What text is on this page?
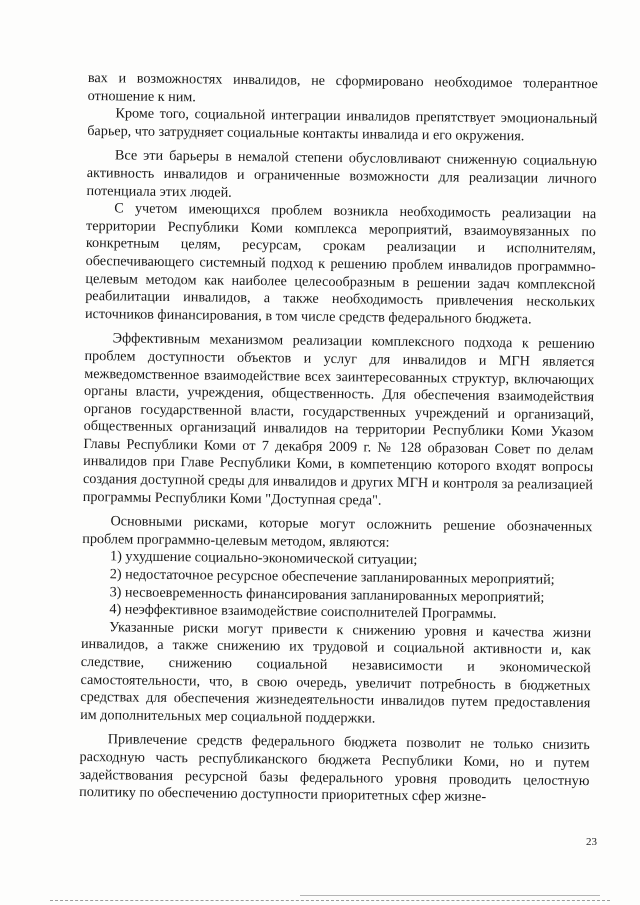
вах и возможностях инвалидов, не сформировано необходимое толерантное отношение к ним.

Кроме того, социальной интеграции инвалидов препятствует эмоциональный барьер, что затрудняет социальные контакты инвалида и его окружения.

Все эти барьеры в немалой степени обусловливают сниженную социальную активность инвалидов и ограниченные возможности для реализации личного потенциала этих людей.

С учетом имеющихся проблем возникла необходимость реализации на территории Республики Коми комплекса мероприятий, взаимоувязанных по конкретным целям, ресурсам, срокам реализации и исполнителям, обеспечивающего системный подход к решению проблем инвалидов программно-целевым методом как наиболее целесообразным в решении задач комплексной реабилитации инвалидов, а также необходимость привлечения нескольких источников финансирования, в том числе средств федерального бюджета.

Эффективным механизмом реализации комплексного подхода к решению проблем доступности объектов и услуг для инвалидов и МГН является межведомственное взаимодействие всех заинтересованных структур, включающих органы власти, учреждения, общественность. Для обеспечения взаимодействия органов государственной власти, государственных учреждений и организаций, общественных организаций инвалидов на территории Республики Коми Указом Главы Республики Коми от 7 декабря 2009 г. № 128 образован Совет по делам инвалидов при Главе Республики Коми, в компетенцию которого входят вопросы создания доступной среды для инвалидов и других МГН и контроля за реализацией программы Республики Коми "Доступная среда".

Основными рисками, которые могут осложнить решение обозначенных проблем программно-целевым методом, являются:

1) ухудшение социально-экономической ситуации;

2) недостаточное ресурсное обеспечение запланированных мероприятий;

3) несвоевременность финансирования запланированных мероприятий;

4) неэффективное взаимодействие соисполнителей Программы.

Указанные риски могут привести к снижению уровня и качества жизни инвалидов, а также снижению их трудовой и социальной активности и, как следствие, снижению социальной независимости и экономической самостоятельности, что, в свою очередь, увеличит потребность в бюджетных средствах для обеспечения жизнедеятельности инвалидов путем предоставления им дополнительных мер социальной поддержки.

Привлечение средств федерального бюджета позволит не только снизить расходную часть республиканского бюджета Республики Коми, но и путем задействования ресурсной базы федерального уровня проводить целостную политику по обеспечению доступности приоритетных сфер жизне-

23
